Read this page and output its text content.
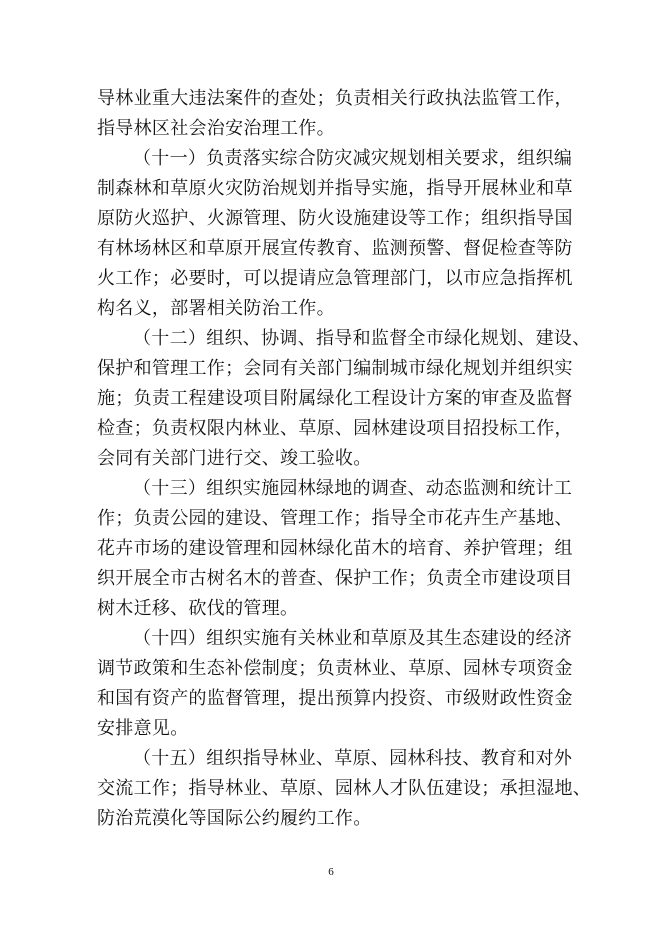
导林业重大违法案件的查处；负责相关行政执法监管工作，
指导林区社会治安治理工作。
（十一）负责落实综合防灾减灾规划相关要求，组织编
制森林和草原火灾防治规划并指导实施，指导开展林业和草
原防火巡护、火源管理、防火设施建设等工作；组织指导国
有林场林区和草原开展宣传教育、监测预警、督促检查等防
火工作；必要时，可以提请应急管理部门，以市应急指挥机
构名义，部署相关防治工作。
（十二）组织、协调、指导和监督全市绿化规划、建设、
保护和管理工作；会同有关部门编制城市绿化规划并组织实
施；负责工程建设项目附属绿化工程设计方案的审查及监督
检查；负责权限内林业、草原、园林建设项目招投标工作，
会同有关部门进行交、竣工验收。
（十三）组织实施园林绿地的调查、动态监测和统计工
作；负责公园的建设、管理工作；指导全市花卉生产基地、
花卉市场的建设管理和园林绿化苗木的培育、养护管理；组
织开展全市古树名木的普查、保护工作；负责全市建设项目
树木迁移、砍伐的管理。
（十四）组织实施有关林业和草原及其生态建设的经济
调节政策和生态补偿制度；负责林业、草原、园林专项资金
和国有资产的监督管理，提出预算内投资、市级财政性资金
安排意见。
（十五）组织指导林业、草原、园林科技、教育和对外
交流工作；指导林业、草原、园林人才队伍建设；承担湿地、
防治荒漠化等国际公约履约工作。
6
